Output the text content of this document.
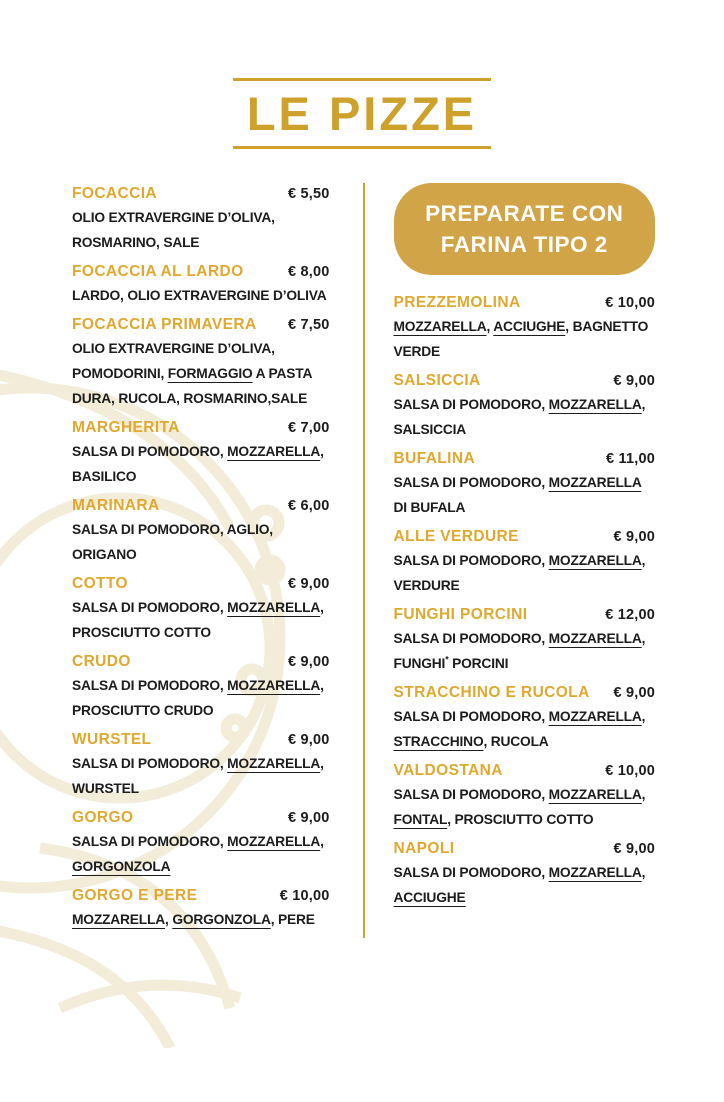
LE PIZZE
FOCACCIA	€ 5,50
OLIO EXTRAVERGINE D’OLIVA, ROSMARINO, SALE
FOCACCIA AL LARDO	€ 8,00
LARDO, OLIO EXTRAVERGINE D’OLIVA
FOCACCIA PRIMAVERA € 7,50
OLIO EXTRAVERGINE D’OLIVA, POMODORINI, FORMAGGIO A PASTA DURA, RUCOLA, ROSMARINO,SALE
MARGHERITA	€ 7,00
SALSA DI POMODORO, MOZZARELLA, BASILICO
MARINARA	€ 6,00
SALSA DI POMODORO, AGLIO, ORIGANO
COTTO	€ 9,00
SALSA DI POMODORO, MOZZARELLA, PROSCIUTTO COTTO
CRUDO	€ 9,00
SALSA DI POMODORO, MOZZARELLA, PROSCIUTTO CRUDO
WURSTEL	€ 9,00
SALSA DI POMODORO, MOZZARELLA, WURSTEL
GORGO	€ 9,00
SALSA DI POMODORO, MOZZARELLA, GORGONZOLA
GORGO E PERE	€ 10,00
MOZZARELLA, GORGONZOLA, PERE
PREPARATE CON
FARINA TIPO 2
PREZZEMOLINA	€ 10,00
MOZZARELLA, ACCIUGHE, BAGNETTO VERDE
SALSICCIA	€ 9,00
SALSA DI POMODORO, MOZZARELLA, SALSICCIA
BUFALINA	€ 11,00
SALSA DI POMODORO, MOZZARELLA DI BUFALA
ALLE VERDURE	€ 9,00
SALSA DI POMODORO, MOZZARELLA, VERDURE
FUNGHI PORCINI	€ 12,00
SALSA DI POMODORO, MOZZARELLA, FUNGHI* PORCINI
STRACCHINO E RUCOLA € 9,00
SALSA DI POMODORO, MOZZARELLA, STRACCHINO, RUCOLA
VALDOSTANA	€ 10,00
SALSA DI POMODORO, MOZZARELLA, FONTAL, PROSCIUTTO COTTO
NAPOLI	€ 9,00
SALSA DI POMODORO, MOZZARELLA, ACCIUGHE
